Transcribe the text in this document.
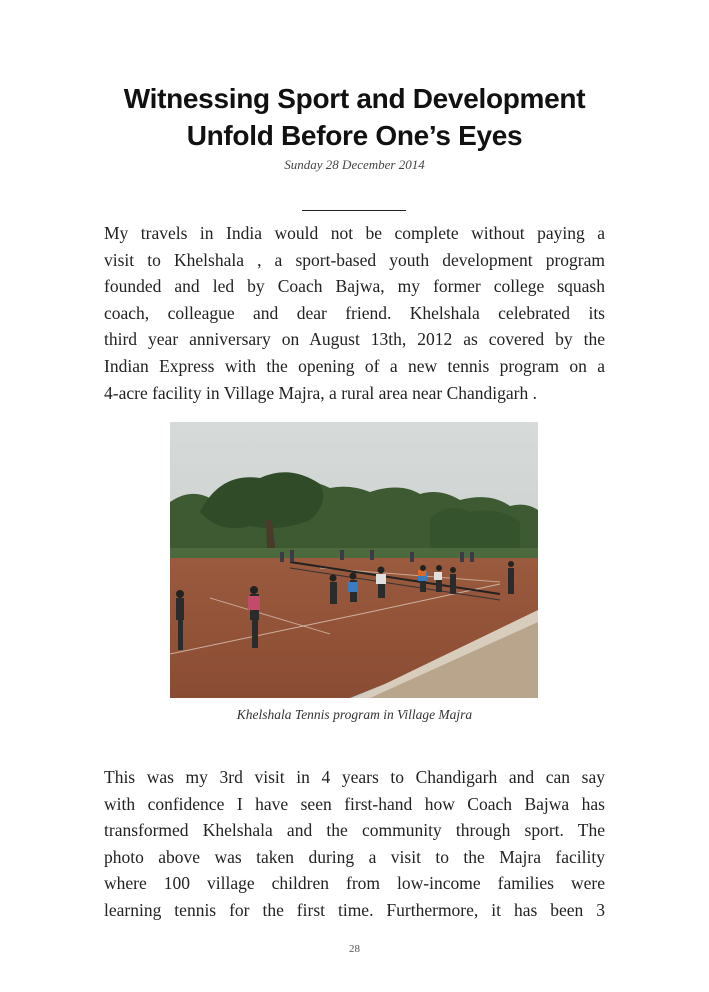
Witnessing Sport and Development
Unfold Before One’s Eyes
Sunday 28 December 2014

My travels in India would not be complete without paying a
visit to Khelshala , a sport-based youth development program
founded and led by Coach Bajwa, my former college squash
coach, colleague and dear friend. Khelshala celebrated its
third year anniversary on August 13th, 2012 as covered by the
Indian Express with the opening of a new tennis program on a
4-acre facility in Village Majra, a rural area near Chandigarh .

Khelshala Tennis program in Village Majra

This was my 3rd visit in 4 years to Chandigarh and can say
with confidence I have seen first-hand how Coach Bajwa has
transformed Khelshala and the community through sport. The
photo above was taken during a visit to the Majra facility
where 100 village children from low-income families were
learning tennis for the first time. Furthermore, it has been 3

28
